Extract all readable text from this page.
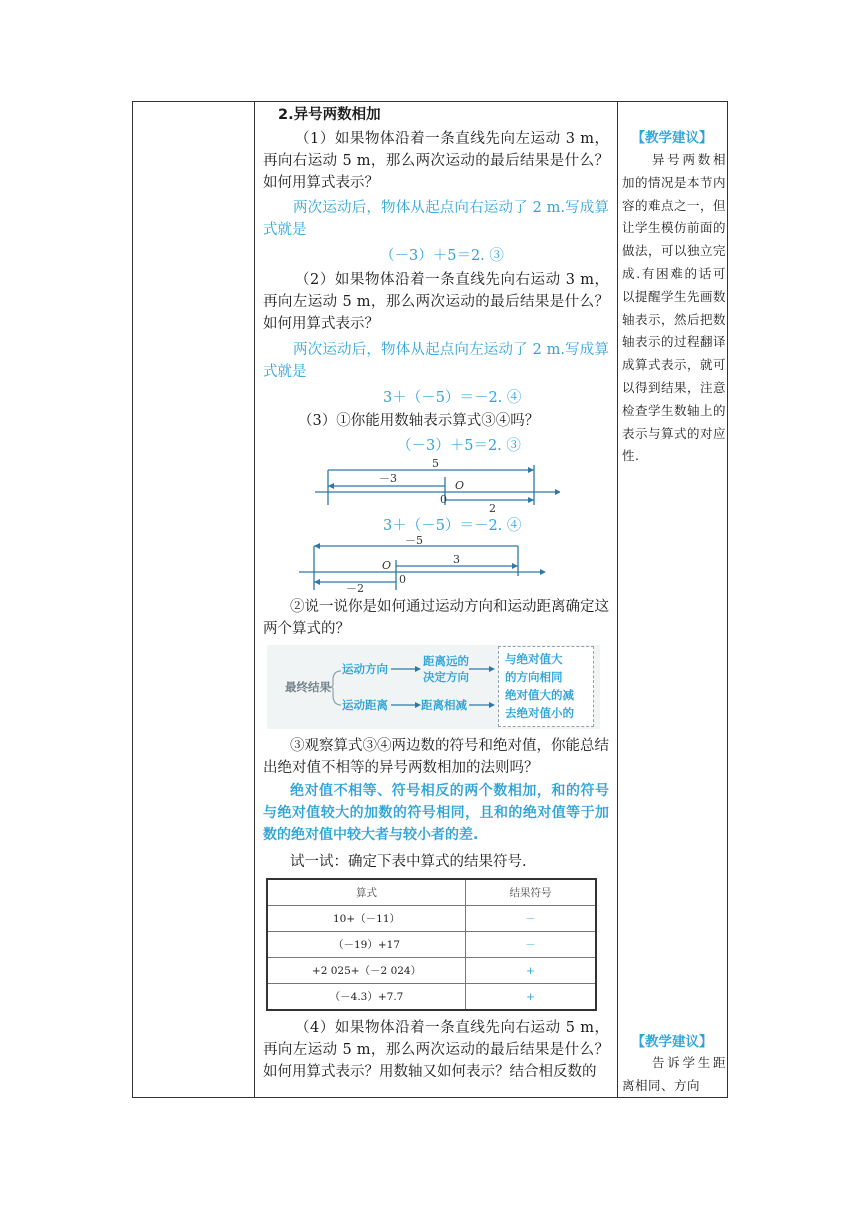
2.异号两数相加
（1）如果物体沿着一条直线先向左运动 3 m，再向右运动 5 m，那么两次运动的最后结果是什么？如何用算式表示？
两次运动后，物体从起点向右运动了 2 m.写成算式就是
（－3）＋5＝2. ③
（2）如果物体沿着一条直线先向右运动 3 m，再向左运动 5 m，那么两次运动的最后结果是什么？如何用算式表示？
两次运动后，物体从起点向左运动了 2 m.写成算式就是
3＋（－5）＝－2. ④
（3）①你能用数轴表示算式③④吗？
（－3）＋5＝2. ③
5
－3
O
0
2
3＋（－5）＝－2. ④
－5
3
O
0
－2
②说一说你是如何通过运动方向和运动距离确定这两个算式的？
最终结果
运动方向
距离远的决定方向
运动距离	距离相减
与绝对值大
的方向相同
绝对值大的减
去绝对值小的
③观察算式③④两边数的符号和绝对值，你能总结出绝对值不相等的异号两数相加的法则吗？
绝对值不相等、符号相反的两个数相加，和的符号与绝对值较大的加数的符号相同，且和的绝对值等于加数的绝对值中较大者与较小者的差.
试一试：确定下表中算式的结果符号.
算式	结果符号
10+（－11）	－
（－19）+17	－
+2 025+（－2 024）	+
（－4.3）+7.7	+
（4）如果物体沿着一条直线先向右运动 5 m，再向左运动 5 m，那么两次运动的最后结果是什么？如何用算式表示？用数轴又如何表示？结合相反数的
【教学建议】
异号两数相加的情况是本节内容的难点之一，但让学生模仿前面的做法，可以独立完成.有困难的话可以提醒学生先画数轴表示，然后把数轴表示的过程翻译成算式表示，就可以得到结果，注意检查学生数轴上的表示与算式的对应性.
【教学建议】
告诉学生距离相同、方向
